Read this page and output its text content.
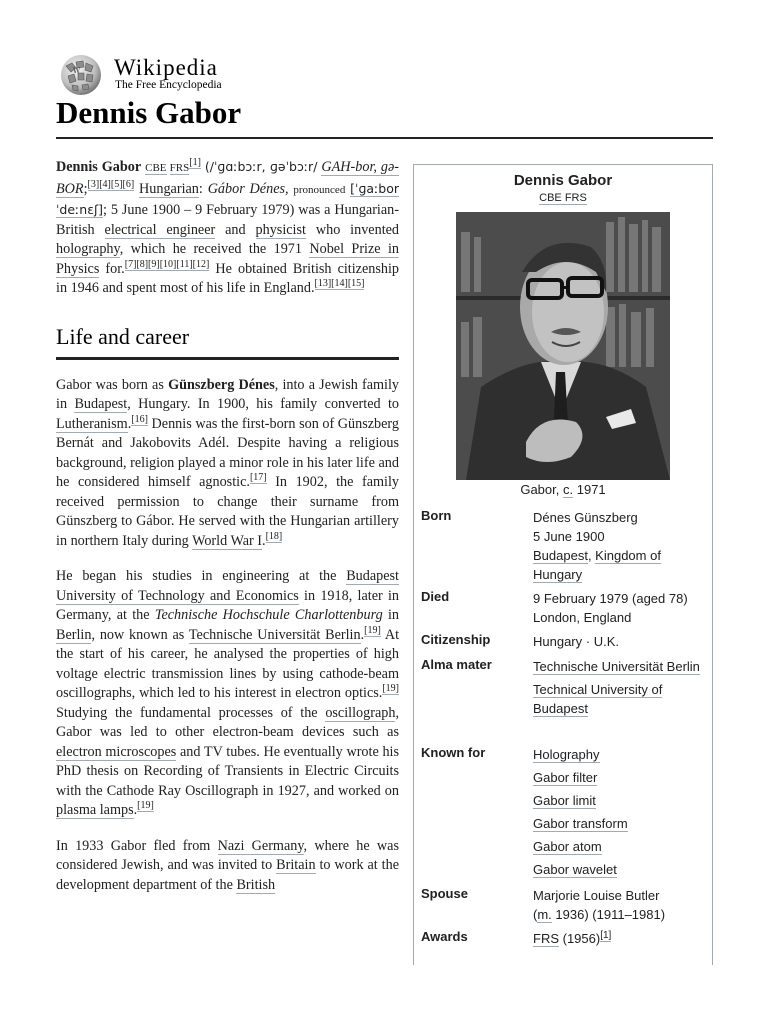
W Wikipedia
The Free Encyclopedia
Dennis Gabor

Dennis Gabor CBE FRS[1] (/ˈɡɑːbɔːr, ɡəˈbɔːr/ GAH-bor, gə-BOR;[3][4][5][6] Hungarian: Gábor Dénes, pronounced [ˈɡaːbor ˈdeːnɛʃ]; 5 June 1900 – 9 February 1979) was a Hungarian-British electrical engineer and physicist who invented holography, which he received the 1971 Nobel Prize in Physics for.[7][8][9][10][11][12] He obtained British citizenship in 1946 and spent most of his life in England.[13][14][15]

Life and career

Gabor was born as Günszberg Dénes, into a Jewish family in Budapest, Hungary. In 1900, his family converted to Lutheranism.[16] Dennis was the first-born son of Günszberg Bernát and Jakobovits Adél. Despite having a religious background, religion played a minor role in his later life and he considered himself agnostic.[17] In 1902, the family received permission to change their surname from Günszberg to Gábor. He served with the Hungarian artillery in northern Italy during World War I.[18]

He began his studies in engineering at the Budapest University of Technology and Economics in 1918, later in Germany, at the Technische Hochschule Charlottenburg in Berlin, now known as Technische Universität Berlin.[19] At the start of his career, he analysed the properties of high voltage electric transmission lines by using cathode-beam oscillographs, which led to his interest in electron optics.[19] Studying the fundamental processes of the oscillograph, Gabor was led to other electron-beam devices such as electron microscopes and TV tubes. He eventually wrote his PhD thesis on Recording of Transients in Electric Circuits with the Cathode Ray Oscillograph in 1927, and worked on plasma lamps.[19]

In 1933 Gabor fled from Nazi Germany, where he was considered Jewish, and was invited to Britain to work at the development department of the British

Dennis Gabor
CBE FRS
Gabor, c. 1971
Born	Dénes Günszberg
5 June 1900
Budapest, Kingdom of Hungary
Died	9 February 1979 (aged 78)
London, England
Citizenship	Hungary · U.K.
Alma mater	Technische Universität Berlin
Technical University of Budapest
Known for	Holography
Gabor filter
Gabor limit
Gabor transform
Gabor atom
Gabor wavelet
Spouse	Marjorie Louise Butler
(m. 1936) (1911–1981)
Awards	FRS (1956)[1]
